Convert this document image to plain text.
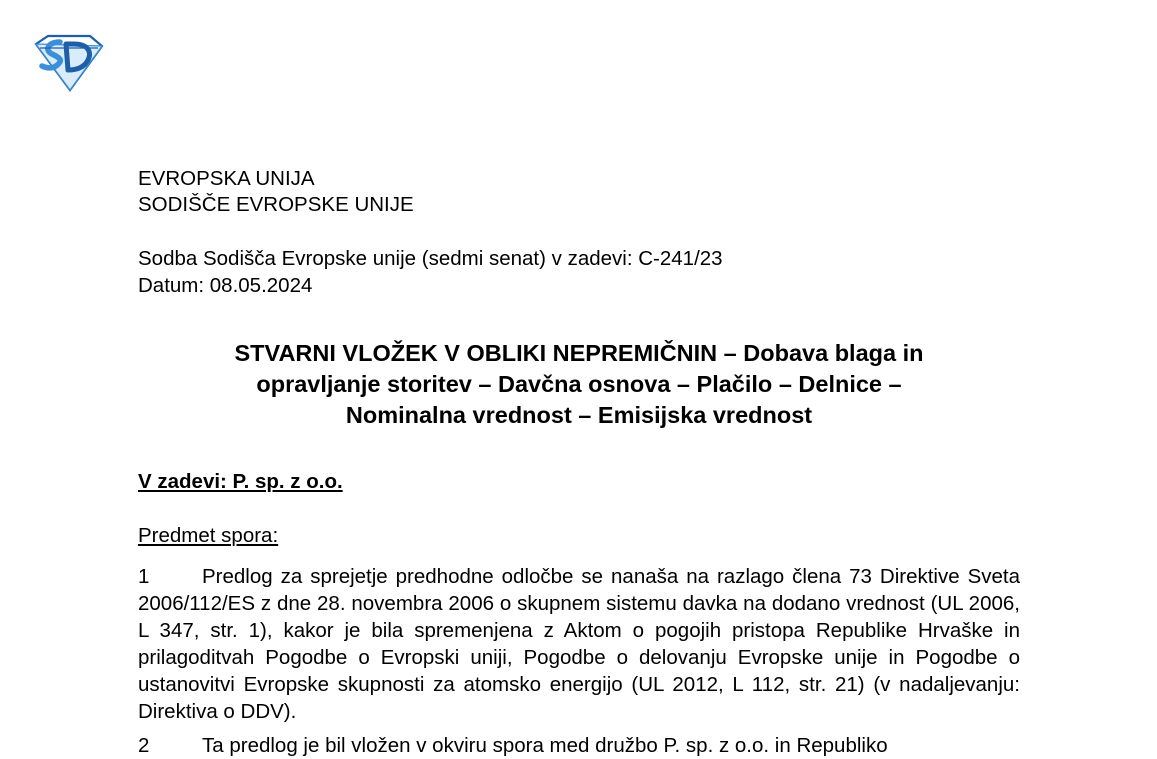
EVROPSKA UNIJA
SODIŠČE EVROPSKE UNIJE
Sodba Sodišča Evropske unije (sedmi senat) v zadevi: C-241/23
Datum: 08.05.2024
STVARNI VLOŽEK V OBLIKI NEPREMIČNIN – Dobava blaga in
opravljanje storitev – Davčna osnova – Plačilo – Delnice –
Nominalna vrednost – Emisijska vrednost
V zadevi: P. sp. z o.o.
Predmet spora:
1	Predlog za sprejetje predhodne odločbe se nanaša na razlago člena 73 Direktive Sveta 2006/112/ES z dne 28. novembra 2006 o skupnem sistemu davka na dodano vrednost (UL 2006, L 347, str. 1), kakor je bila spremenjena z Aktom o pogojih pristopa Republike Hrvaške in prilagoditvah Pogodbe o Evropski uniji, Pogodbe o delovanju Evropske unije in Pogodbe o ustanovitvi Evropske skupnosti za atomsko energijo (UL 2012, L 112, str. 21) (v nadaljevanju: Direktiva o DDV).
2	Ta predlog je bil vložen v okviru spora med družbo P. sp. z o.o. in Republiko
